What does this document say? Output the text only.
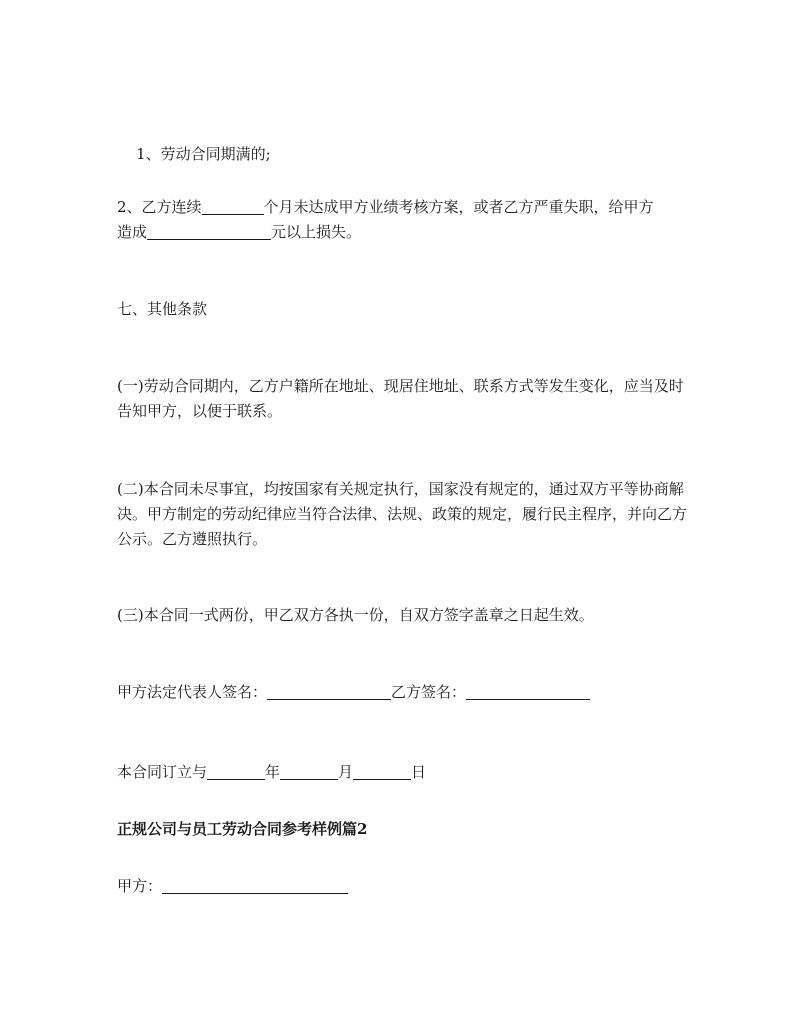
1、劳动合同期满的;

2、乙方连续	个月未达成甲方业绩考核方案，或者乙方严重失职，给甲方
造成	元以上损失。

七、其他条款

(一)劳动合同期内，乙方户籍所在地址、现居住地址、联系方式等发生变化，应当及时告知甲方，以便于联系。

(二)本合同未尽事宜，均按国家有关规定执行，国家没有规定的，通过双方平等协商解决。甲方制定的劳动纪律应当符合法律、法规、政策的规定，履行民主程序，并向乙方公示。乙方遵照执行。

(三)本合同一式两份，甲乙双方各执一份，自双方签字盖章之日起生效。

甲方法定代表人签名：	乙方签名：

本合同订立与	年	月	日

正规公司与员工劳动合同参考样例篇2

甲方：
